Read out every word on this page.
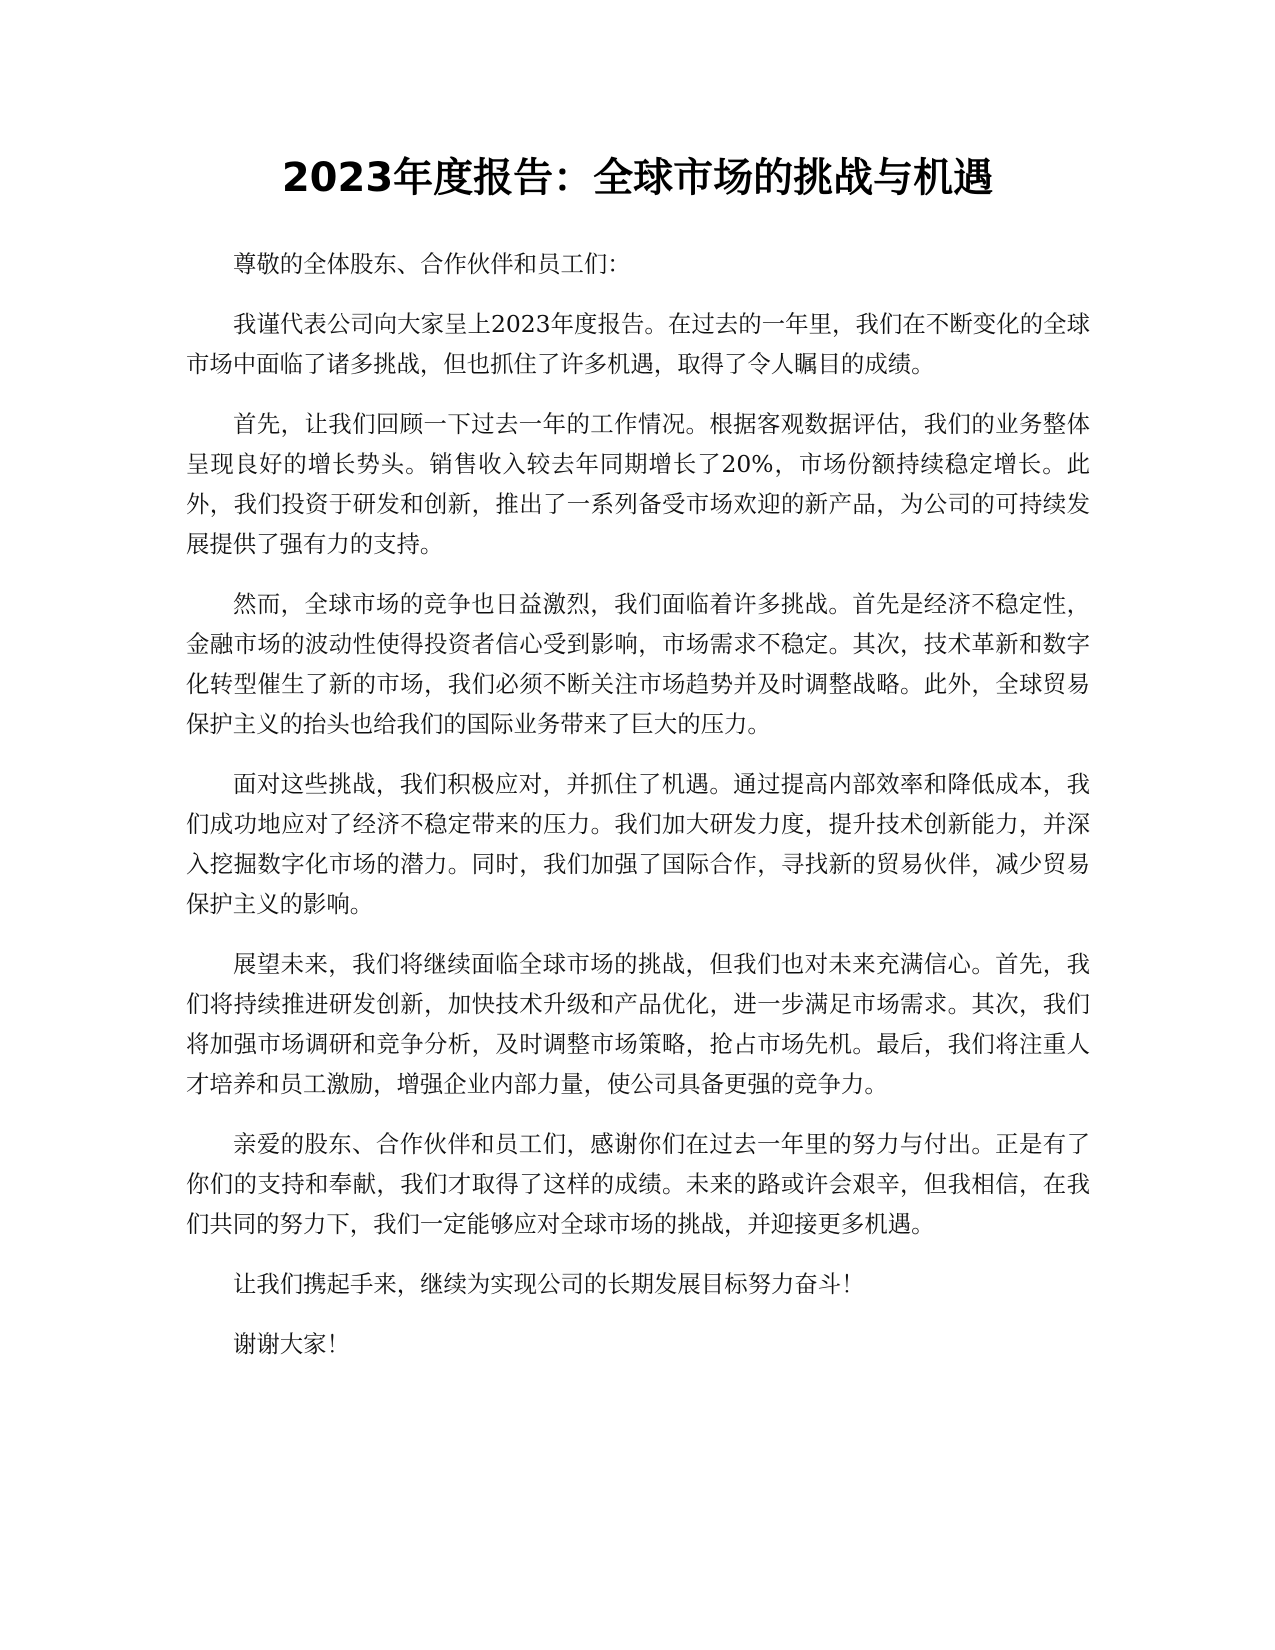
2023年度报告：全球市场的挑战与机遇

尊敬的全体股东、合作伙伴和员工们：

我谨代表公司向大家呈上2023年度报告。在过去的一年里，我们在不断变化的全球市场中面临了诸多挑战，但也抓住了许多机遇，取得了令人瞩目的成绩。

首先，让我们回顾一下过去一年的工作情况。根据客观数据评估，我们的业务整体呈现良好的增长势头。销售收入较去年同期增长了20%，市场份额持续稳定增长。此外，我们投资于研发和创新，推出了一系列备受市场欢迎的新产品，为公司的可持续发展提供了强有力的支持。

然而，全球市场的竞争也日益激烈，我们面临着许多挑战。首先是经济不稳定性，金融市场的波动性使得投资者信心受到影响，市场需求不稳定。其次，技术革新和数字化转型催生了新的市场，我们必须不断关注市场趋势并及时调整战略。此外，全球贸易保护主义的抬头也给我们的国际业务带来了巨大的压力。

面对这些挑战，我们积极应对，并抓住了机遇。通过提高内部效率和降低成本，我们成功地应对了经济不稳定带来的压力。我们加大研发力度，提升技术创新能力，并深入挖掘数字化市场的潜力。同时，我们加强了国际合作，寻找新的贸易伙伴，减少贸易保护主义的影响。

展望未来，我们将继续面临全球市场的挑战，但我们也对未来充满信心。首先，我们将持续推进研发创新，加快技术升级和产品优化，进一步满足市场需求。其次，我们将加强市场调研和竞争分析，及时调整市场策略，抢占市场先机。最后，我们将注重人才培养和员工激励，增强企业内部力量，使公司具备更强的竞争力。

亲爱的股东、合作伙伴和员工们，感谢你们在过去一年里的努力与付出。正是有了你们的支持和奉献，我们才取得了这样的成绩。未来的路或许会艰辛，但我相信，在我们共同的努力下，我们一定能够应对全球市场的挑战，并迎接更多机遇。

让我们携起手来，继续为实现公司的长期发展目标努力奋斗！

谢谢大家！
